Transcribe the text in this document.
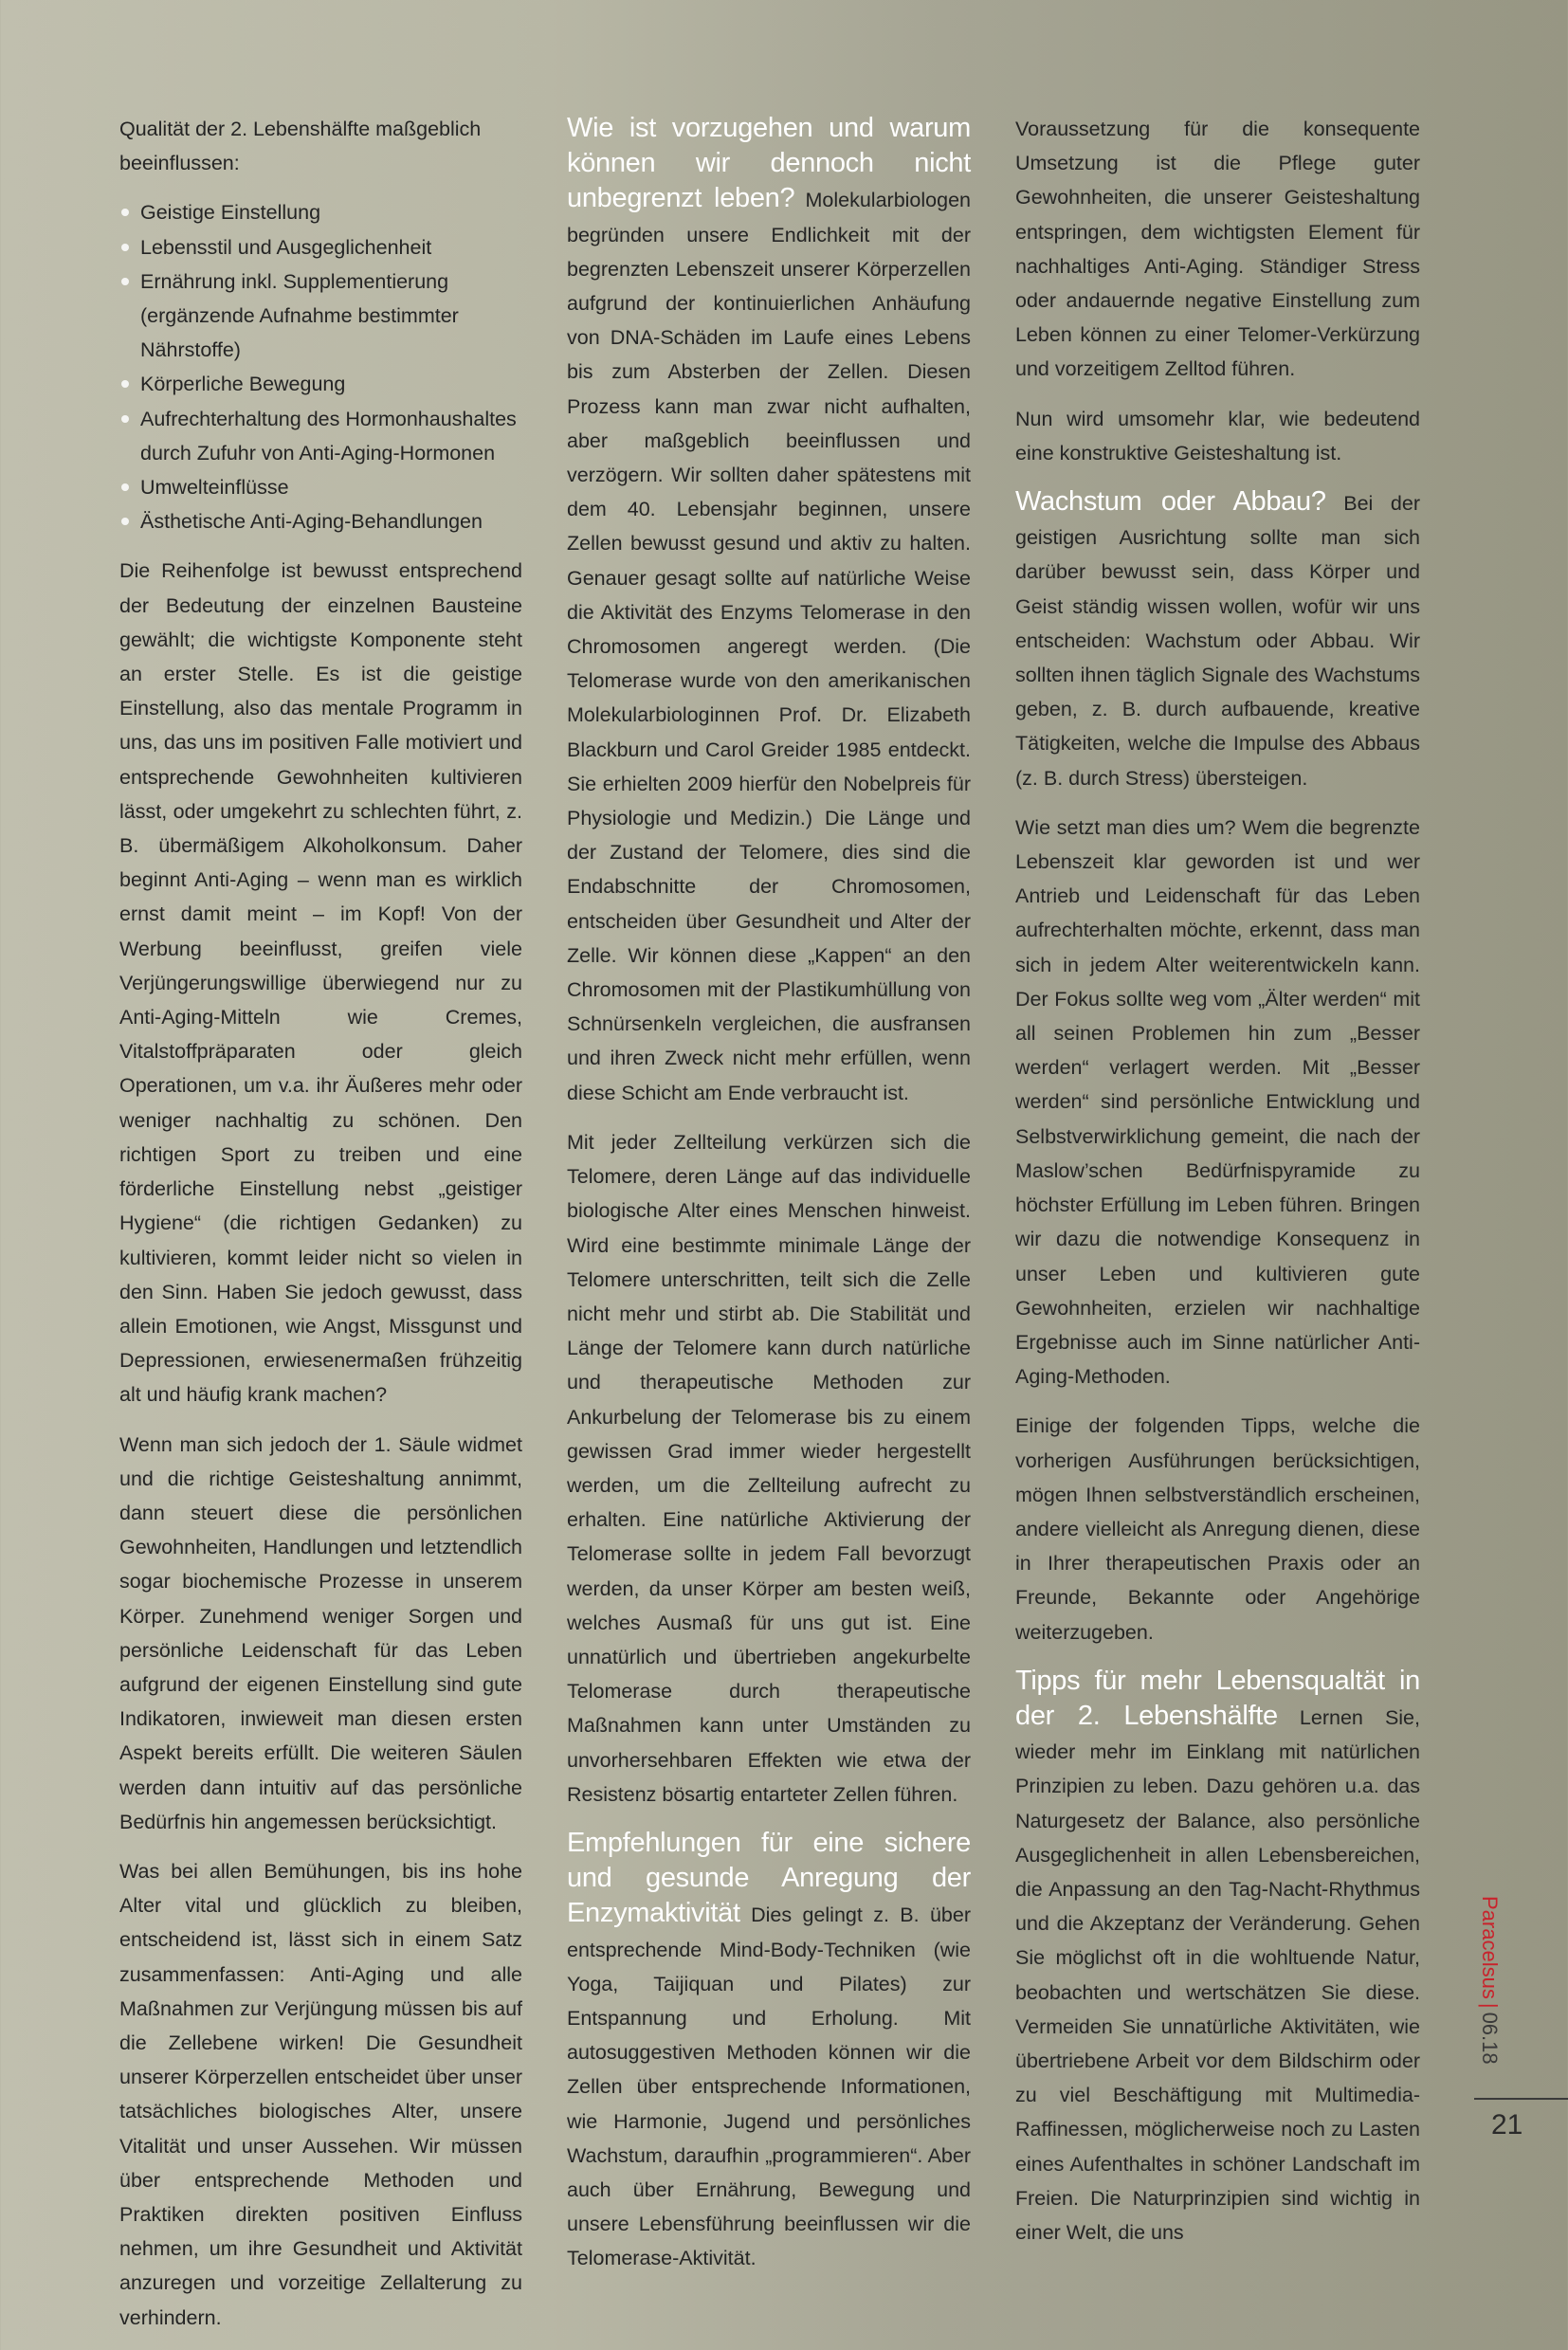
Qualität der 2. Lebenshälfte maßgeblich beeinflussen:

Geistige Einstellung
Lebensstil und Ausgeglichenheit
Ernährung inkl. Supplementierung (ergänzende Aufnahme bestimmter Nährstoffe)
Körperliche Bewegung
Aufrechterhaltung des Hormonhaushaltes durch Zufuhr von Anti-Aging-Hormonen
Umwelteinflüsse
Ästhetische Anti-Aging-Behandlungen

Die Reihenfolge ist bewusst entsprechend der Bedeutung der einzelnen Bausteine gewählt; die wichtigste Komponente steht an erster Stelle. Es ist die geistige Einstellung, also das mentale Programm in uns, das uns im positiven Falle motiviert und entsprechende Gewohnheiten kultivieren lässt, oder umgekehrt zu schlechten führt, z. B. übermäßigem Alkoholkonsum. Daher beginnt Anti-Aging – wenn man es wirklich ernst damit meint – im Kopf! Von der Werbung beeinflusst, greifen viele Verjüngerungswillige überwiegend nur zu Anti-Aging-Mitteln wie Cremes, Vitalstoffpräparaten oder gleich Operationen, um v.a. ihr Äußeres mehr oder weniger nachhaltig zu schönen. Den richtigen Sport zu treiben und eine förderliche Einstellung nebst „geistiger Hygiene“ (die richtigen Gedanken) zu kultivieren, kommt leider nicht so vielen in den Sinn. Haben Sie jedoch gewusst, dass allein Emotionen, wie Angst, Missgunst und Depressionen, erwiesenermaßen frühzeitig alt und häufig krank machen?

Wenn man sich jedoch der 1. Säule widmet und die richtige Geisteshaltung annimmt, dann steuert diese die persönlichen Gewohnheiten, Handlungen und letztendlich sogar biochemische Prozesse in unserem Körper. Zunehmend weniger Sorgen und persönliche Leidenschaft für das Leben aufgrund der eigenen Einstellung sind gute Indikatoren, inwieweit man diesen ersten Aspekt bereits erfüllt. Die weiteren Säulen werden dann intuitiv auf das persönliche Bedürfnis hin angemessen berücksichtigt.

Was bei allen Bemühungen, bis ins hohe Alter vital und glücklich zu bleiben, entscheidend ist, lässt sich in einem Satz zusammenfassen: Anti-Aging und alle Maßnahmen zur Verjüngung müssen bis auf die Zellebene wirken! Die Gesundheit unserer Körperzellen entscheidet über unser tatsächliches biologisches Alter, unsere Vitalität und unser Aussehen. Wir müssen über entsprechende Methoden und Praktiken direkten positiven Einfluss nehmen, um ihre Gesundheit und Aktivität anzuregen und vorzeitige Zellalterung zu verhindern.

Wie ist vorzugehen und warum können wir dennoch nicht unbegrenzt leben? Molekularbiologen begründen unsere Endlichkeit mit der begrenzten Lebenszeit unserer Körperzellen aufgrund der kontinuierlichen Anhäufung von DNA-Schäden im Laufe eines Lebens bis zum Absterben der Zellen. Diesen Prozess kann man zwar nicht aufhalten, aber maßgeblich beeinflussen und verzögern. Wir sollten daher spätestens mit dem 40. Lebensjahr beginnen, unsere Zellen bewusst gesund und aktiv zu halten. Genauer gesagt sollte auf natürliche Weise die Aktivität des Enzyms Telomerase in den Chromosomen angeregt werden. (Die Telomerase wurde von den amerikanischen Molekularbiologinnen Prof. Dr. Elizabeth Blackburn und Carol Greider 1985 entdeckt. Sie erhielten 2009 hierfür den Nobelpreis für Physiologie und Medizin.) Die Länge und der Zustand der Telomere, dies sind die Endabschnitte der Chromosomen, entscheiden über Gesundheit und Alter der Zelle. Wir können diese „Kappen“ an den Chromosomen mit der Plastikumhüllung von Schnürsenkeln vergleichen, die ausfransen und ihren Zweck nicht mehr erfüllen, wenn diese Schicht am Ende verbraucht ist.

Mit jeder Zellteilung verkürzen sich die Telomere, deren Länge auf das individuelle biologische Alter eines Menschen hinweist. Wird eine bestimmte minimale Länge der Telomere unterschritten, teilt sich die Zelle nicht mehr und stirbt ab. Die Stabilität und Länge der Telomere kann durch natürliche und therapeutische Methoden zur Ankurbelung der Telomerase bis zu einem gewissen Grad immer wieder hergestellt werden, um die Zellteilung aufrecht zu erhalten. Eine natürliche Aktivierung der Telomerase sollte in jedem Fall bevorzugt werden, da unser Körper am besten weiß, welches Ausmaß für uns gut ist. Eine unnatürlich und übertrieben angekurbelte Telomerase durch therapeutische Maßnahmen kann unter Umständen zu unvorhersehbaren Effekten wie etwa der Resistenz bösartig entarteter Zellen führen.

Empfehlungen für eine sichere und gesunde Anregung der Enzymaktivität Dies gelingt z. B. über entsprechende Mind-Body-Techniken (wie Yoga, Taijiquan und Pilates) zur Entspannung und Erholung. Mit autosuggestiven Methoden können wir die Zellen über entsprechende Informationen, wie Harmonie, Jugend und persönliches Wachstum, daraufhin „programmieren“. Aber auch über Ernährung, Bewegung und unsere Lebensführung beeinflussen wir die Telomerase-Aktivität.

Voraussetzung für die konsequente Umsetzung ist die Pflege guter Gewohnheiten, die unserer Geisteshaltung entspringen, dem wichtigsten Element für nachhaltiges Anti-Aging. Ständiger Stress oder andauernde negative Einstellung zum Leben können zu einer Telomer-Verkürzung und vorzeitigem Zelltod führen.

Nun wird umsomehr klar, wie bedeutend eine konstruktive Geisteshaltung ist.

Wachstum oder Abbau? Bei der geistigen Ausrichtung sollte man sich darüber bewusst sein, dass Körper und Geist ständig wissen wollen, wofür wir uns entscheiden: Wachstum oder Abbau. Wir sollten ihnen täglich Signale des Wachstums geben, z. B. durch aufbauende, kreative Tätigkeiten, welche die Impulse des Abbaus (z. B. durch Stress) übersteigen.

Wie setzt man dies um? Wem die begrenzte Lebenszeit klar geworden ist und wer Antrieb und Leidenschaft für das Leben aufrechterhalten möchte, erkennt, dass man sich in jedem Alter weiterentwickeln kann. Der Fokus sollte weg vom „Älter werden“ mit all seinen Problemen hin zum „Besser werden“ verlagert werden. Mit „Besser werden“ sind persönliche Entwicklung und Selbstverwirklichung gemeint, die nach der Maslow’schen Bedürfnispyramide zu höchster Erfüllung im Leben führen. Bringen wir dazu die notwendige Konsequenz in unser Leben und kultivieren gute Gewohnheiten, erzielen wir nachhaltige Ergebnisse auch im Sinne natürlicher Anti-Aging-Methoden.

Einige der folgenden Tipps, welche die vorherigen Ausführungen berücksichtigen, mögen Ihnen selbstverständlich erscheinen, andere vielleicht als Anregung dienen, diese in Ihrer therapeutischen Praxis oder an Freunde, Bekannte oder Angehörige weiterzugeben.

Tipps für mehr Lebensqualtät in der 2. Lebenshälfte Lernen Sie, wieder mehr im Einklang mit natürlichen Prinzipien zu leben. Dazu gehören u.a. das Naturgesetz der Balance, also persönliche Ausgeglichenheit in allen Lebensbereichen, die Anpassung an den Tag-Nacht-Rhythmus und die Akzeptanz der Veränderung. Gehen Sie möglichst oft in die wohltuende Natur, beobachten und wertschätzen Sie diese. Vermeiden Sie unnatürliche Aktivitäten, wie übertriebene Arbeit vor dem Bildschirm oder zu viel Beschäftigung mit Multimedia-Raffinessen, möglicherweise noch zu Lasten eines Aufenthaltes in schöner Landschaft im Freien. Die Naturprinzipien sind wichtig in einer Welt, die uns

Paracelsus|06.18
21
